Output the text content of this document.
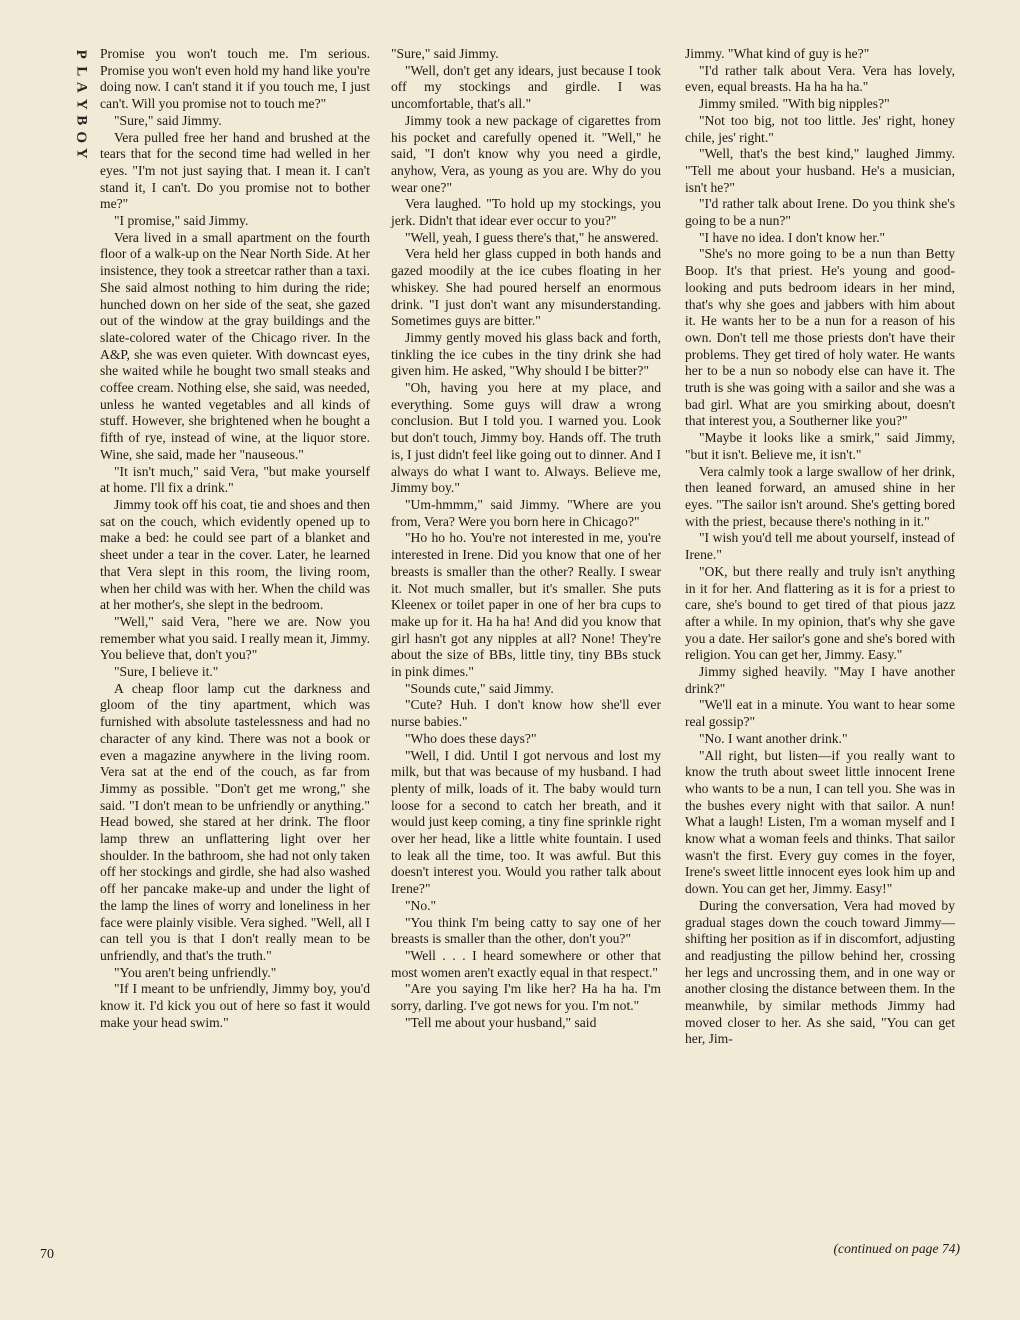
P
L
A
Y
B
O
Y

Promise you won't touch me. I'm serious. Promise you won't even hold my hand like you're doing now. I can't stand it if you touch me, I just can't. Will you promise not to touch me?"

"Sure," said Jimmy.

Vera pulled free her hand and brushed at the tears that for the second time had welled in her eyes. "I'm not just saying that. I mean it. I can't stand it, I can't. Do you promise not to bother me?"

"I promise," said Jimmy.

Vera lived in a small apartment on the fourth floor of a walk-up on the Near North Side. At her insistence, they took a streetcar rather than a taxi. She said almost nothing to him during the ride; hunched down on her side of the seat, she gazed out of the window at the gray buildings and the slate-colored water of the Chicago river. In the A&P, she was even quieter. With downcast eyes, she waited while he bought two small steaks and coffee cream. Nothing else, she said, was needed, unless he wanted vegetables and all kinds of stuff. However, she brightened when he bought a fifth of rye, instead of wine, at the liquor store. Wine, she said, made her "nauseous."

"It isn't much," said Vera, "but make yourself at home. I'll fix a drink."

Jimmy took off his coat, tie and shoes and then sat on the couch, which evidently opened up to make a bed: he could see part of a blanket and sheet under a tear in the cover. Later, he learned that Vera slept in this room, the living room, when her child was with her. When the child was at her mother's, she slept in the bedroom.

"Well," said Vera, "here we are. Now you remember what you said. I really mean it, Jimmy. You believe that, don't you?"

"Sure, I believe it."

A cheap floor lamp cut the darkness and gloom of the tiny apartment, which was furnished with absolute tastelessness and had no character of any kind. There was not a book or even a magazine anywhere in the living room. Vera sat at the end of the couch, as far from Jimmy as possible. "Don't get me wrong," she said. "I don't mean to be unfriendly or anything." Head bowed, she stared at her drink. The floor lamp threw an unflattering light over her shoulder. In the bathroom, she had not only taken off her stockings and girdle, she had also washed off her pancake make-up and under the light of the lamp the lines of worry and loneliness in her face were plainly visible. Vera sighed. "Well, all I can tell you is that I don't really mean to be unfriendly, and that's the truth."

"You aren't being unfriendly."

"If I meant to be unfriendly, Jimmy boy, you'd know it. I'd kick you out of here so fast it would make your head swim."

"Sure," said Jimmy.

"Well, don't get any idears, just because I took off my stockings and girdle. I was uncomfortable, that's all."

Jimmy took a new package of cigarettes from his pocket and carefully opened it. "Well," he said, "I don't know why you need a girdle, anyhow, Vera, as young as you are. Why do you wear one?"

Vera laughed. "To hold up my stockings, you jerk. Didn't that idear ever occur to you?"

"Well, yeah, I guess there's that," he answered.

Vera held her glass cupped in both hands and gazed moodily at the ice cubes floating in her whiskey. She had poured herself an enormous drink. "I just don't want any misunderstanding. Sometimes guys are bitter."

Jimmy gently moved his glass back and forth, tinkling the ice cubes in the tiny drink she had given him. He asked, "Why should I be bitter?"

"Oh, having you here at my place, and everything. Some guys will draw a wrong conclusion. But I told you. I warned you. Look but don't touch, Jimmy boy. Hands off. The truth is, I just didn't feel like going out to dinner. And I always do what I want to. Always. Believe me, Jimmy boy."

"Um-hmmm," said Jimmy. "Where are you from, Vera? Were you born here in Chicago?"

"Ho ho ho. You're not interested in me, you're interested in Irene. Did you know that one of her breasts is smaller than the other? Really. I swear it. Not much smaller, but it's smaller. She puts Kleenex or toilet paper in one of her bra cups to make up for it. Ha ha ha! And did you know that girl hasn't got any nipples at all? None! They're about the size of BBs, little tiny, tiny BBs stuck in pink dimes."

"Sounds cute," said Jimmy.

"Cute? Huh. I don't know how she'll ever nurse babies."

"Who does these days?"

"Well, I did. Until I got nervous and lost my milk, but that was because of my husband. I had plenty of milk, loads of it. The baby would turn loose for a second to catch her breath, and it would just keep coming, a tiny fine sprinkle right over her head, like a little white fountain. I used to leak all the time, too. It was awful. But this doesn't interest you. Would you rather talk about Irene?"

"No."

"You think I'm being catty to say one of her breasts is smaller than the other, don't you?"

"Well . . . I heard somewhere or other that most women aren't exactly equal in that respect."

"Are you saying I'm like her? Ha ha ha. I'm sorry, darling. I've got news for you. I'm not."

"Tell me about your husband," said

Jimmy. "What kind of guy is he?"

"I'd rather talk about Vera. Vera has lovely, even, equal breasts. Ha ha ha ha."

Jimmy smiled. "With big nipples?"

"Not too big, not too little. Jes' right, honey chile, jes' right."

"Well, that's the best kind," laughed Jimmy. "Tell me about your husband. He's a musician, isn't he?"

"I'd rather talk about Irene. Do you think she's going to be a nun?"

"I have no idea. I don't know her."

"She's no more going to be a nun than Betty Boop. It's that priest. He's young and good-looking and puts bedroom idears in her mind, that's why she goes and jabbers with him about it. He wants her to be a nun for a reason of his own. Don't tell me those priests don't have their problems. They get tired of holy water. He wants her to be a nun so nobody else can have it. The truth is she was going with a sailor and she was a bad girl. What are you smirking about, doesn't that interest you, a Southerner like you?"

"Maybe it looks like a smirk," said Jimmy, "but it isn't. Believe me, it isn't."

Vera calmly took a large swallow of her drink, then leaned forward, an amused shine in her eyes. "The sailor isn't around. She's getting bored with the priest, because there's nothing in it."

"I wish you'd tell me about yourself, instead of Irene."

"OK, but there really and truly isn't anything in it for her. And flattering as it is for a priest to care, she's bound to get tired of that pious jazz after a while. In my opinion, that's why she gave you a date. Her sailor's gone and she's bored with religion. You can get her, Jimmy. Easy."

Jimmy sighed heavily. "May I have another drink?"

"We'll eat in a minute. You want to hear some real gossip?"

"No. I want another drink."

"All right, but listen—if you really want to know the truth about sweet little innocent Irene who wants to be a nun, I can tell you. She was in the bushes every night with that sailor. A nun! What a laugh! Listen, I'm a woman myself and I know what a woman feels and thinks. That sailor wasn't the first. Every guy comes in the foyer, Irene's sweet little innocent eyes look him up and down. You can get her, Jimmy. Easy!"

During the conversation, Vera had moved by gradual stages down the couch toward Jimmy—shifting her position as if in discomfort, adjusting and readjusting the pillow behind her, crossing her legs and uncrossing them, and in one way or another closing the distance between them. In the meanwhile, by similar methods Jimmy had moved closer to her. As she said, "You can get her, Jim-

70	(continued on page 74)
